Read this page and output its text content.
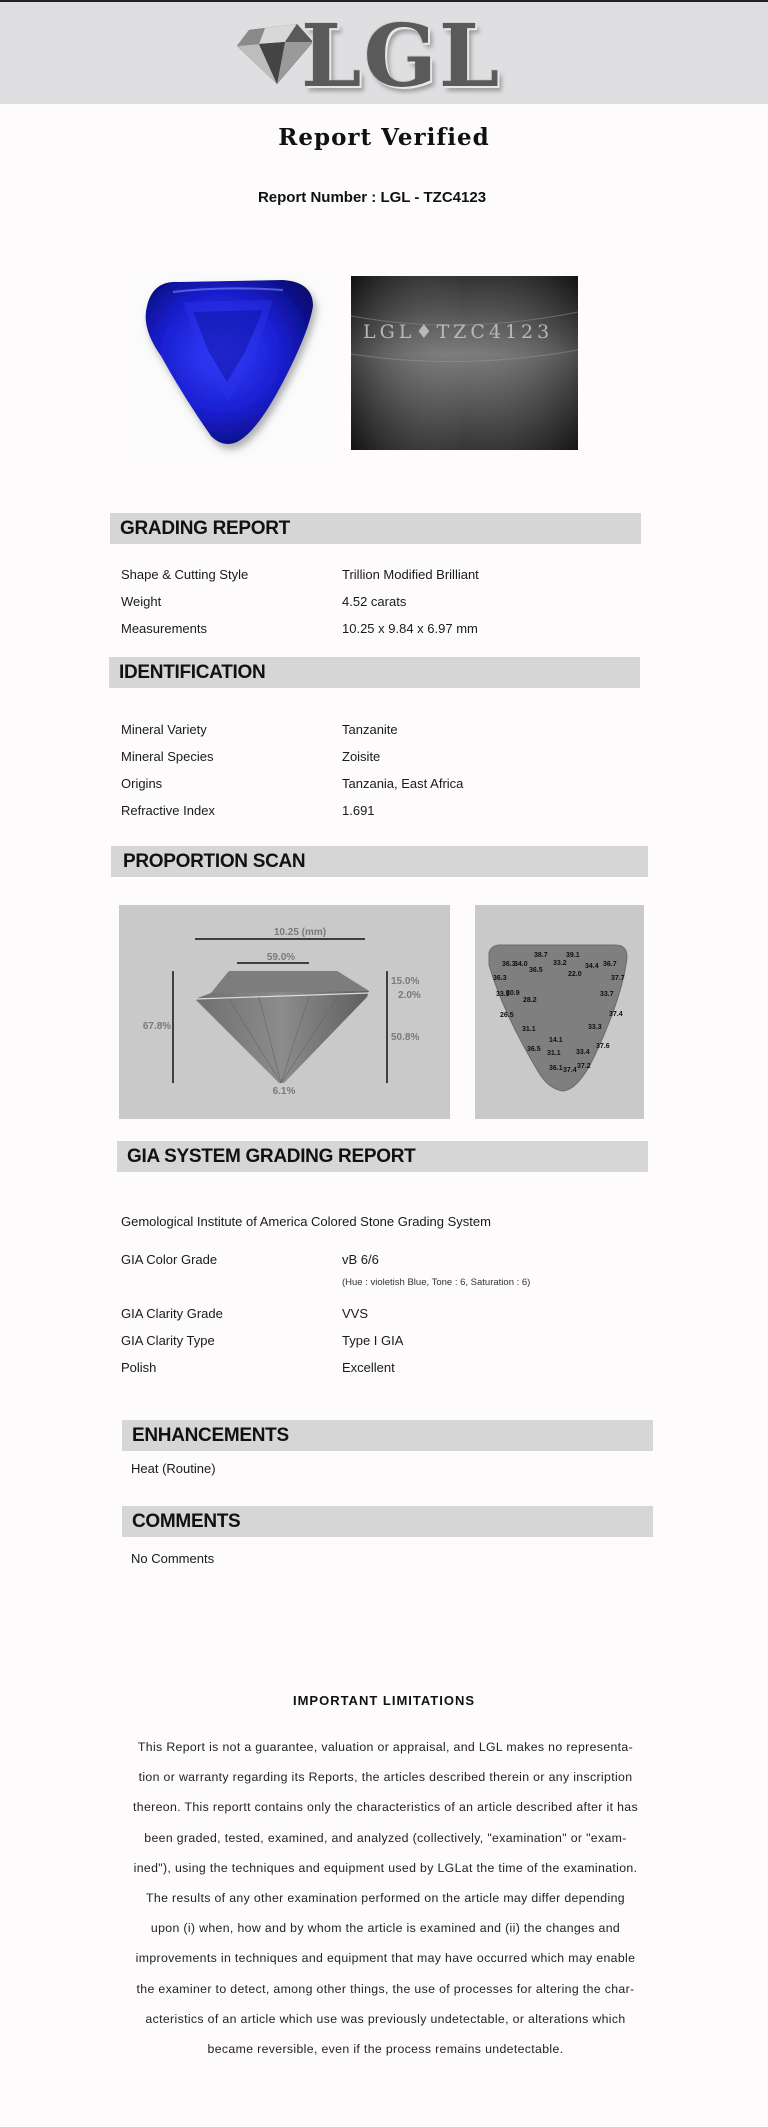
LGL
Report Verified
Report Number : LGL - TZC4123
LGL♦TZC4123
GRADING REPORT
Shape & Cutting Style	Trillion Modified Brilliant
Weight	4.52 carats
Measurements	10.25 x 9.84 x 6.97 mm
IDENTIFICATION
Mineral Variety	Tanzanite
Mineral Species	Zoisite
Origins	Tanzania, East Africa
Refractive Index	1.691
PROPORTION SCAN
10.25 (mm)
59.0%
67.8%
15.0%
2.0%
50.8%
6.1%
38.7	39.1
36.3
34.0	33.2	34.4 36.7
36.5
22.0
36.3	37.7
33.5
30.9	33.7
28.2
26.5	37.4
31.1	33.3
14.1
37.6
36.5
31.1 33.4
36.1 37.4
37.2
GIA SYSTEM GRADING REPORT
Gemological Institute of America Colored Stone Grading System
GIA Color Grade	vB 6/6
(Hue : violetish Blue, Tone : 6, Saturation : 6)
GIA Clarity Grade	VVS
GIA Clarity Type	Type I GIA
Polish	Excellent
ENHANCEMENTS
Heat (Routine)
COMMENTS
No Comments
IMPORTANT LIMITATIONS
This Report is not a guarantee, valuation or appraisal, and LGL makes no representa-
tion or warranty regarding its Reports, the articles described therein or any inscription
thereon. This reportt contains only the characteristics of an article described after it has
been graded, tested, examined, and analyzed (collectively, "examination" or "exam-
ined"), using the techniques and equipment used by LGLat the time of the examination.
The results of any other examination performed on the article may differ depending
upon (i) when, how and by whom the article is examined and (ii) the changes and
improvements in techniques and equipment that may have occurred which may enable
the examiner to detect, among other things, the use of processes for altering the char-
acteristics of an article which use was previously undetectable, or alterations which
became reversible, even if the process remains undetectable.
